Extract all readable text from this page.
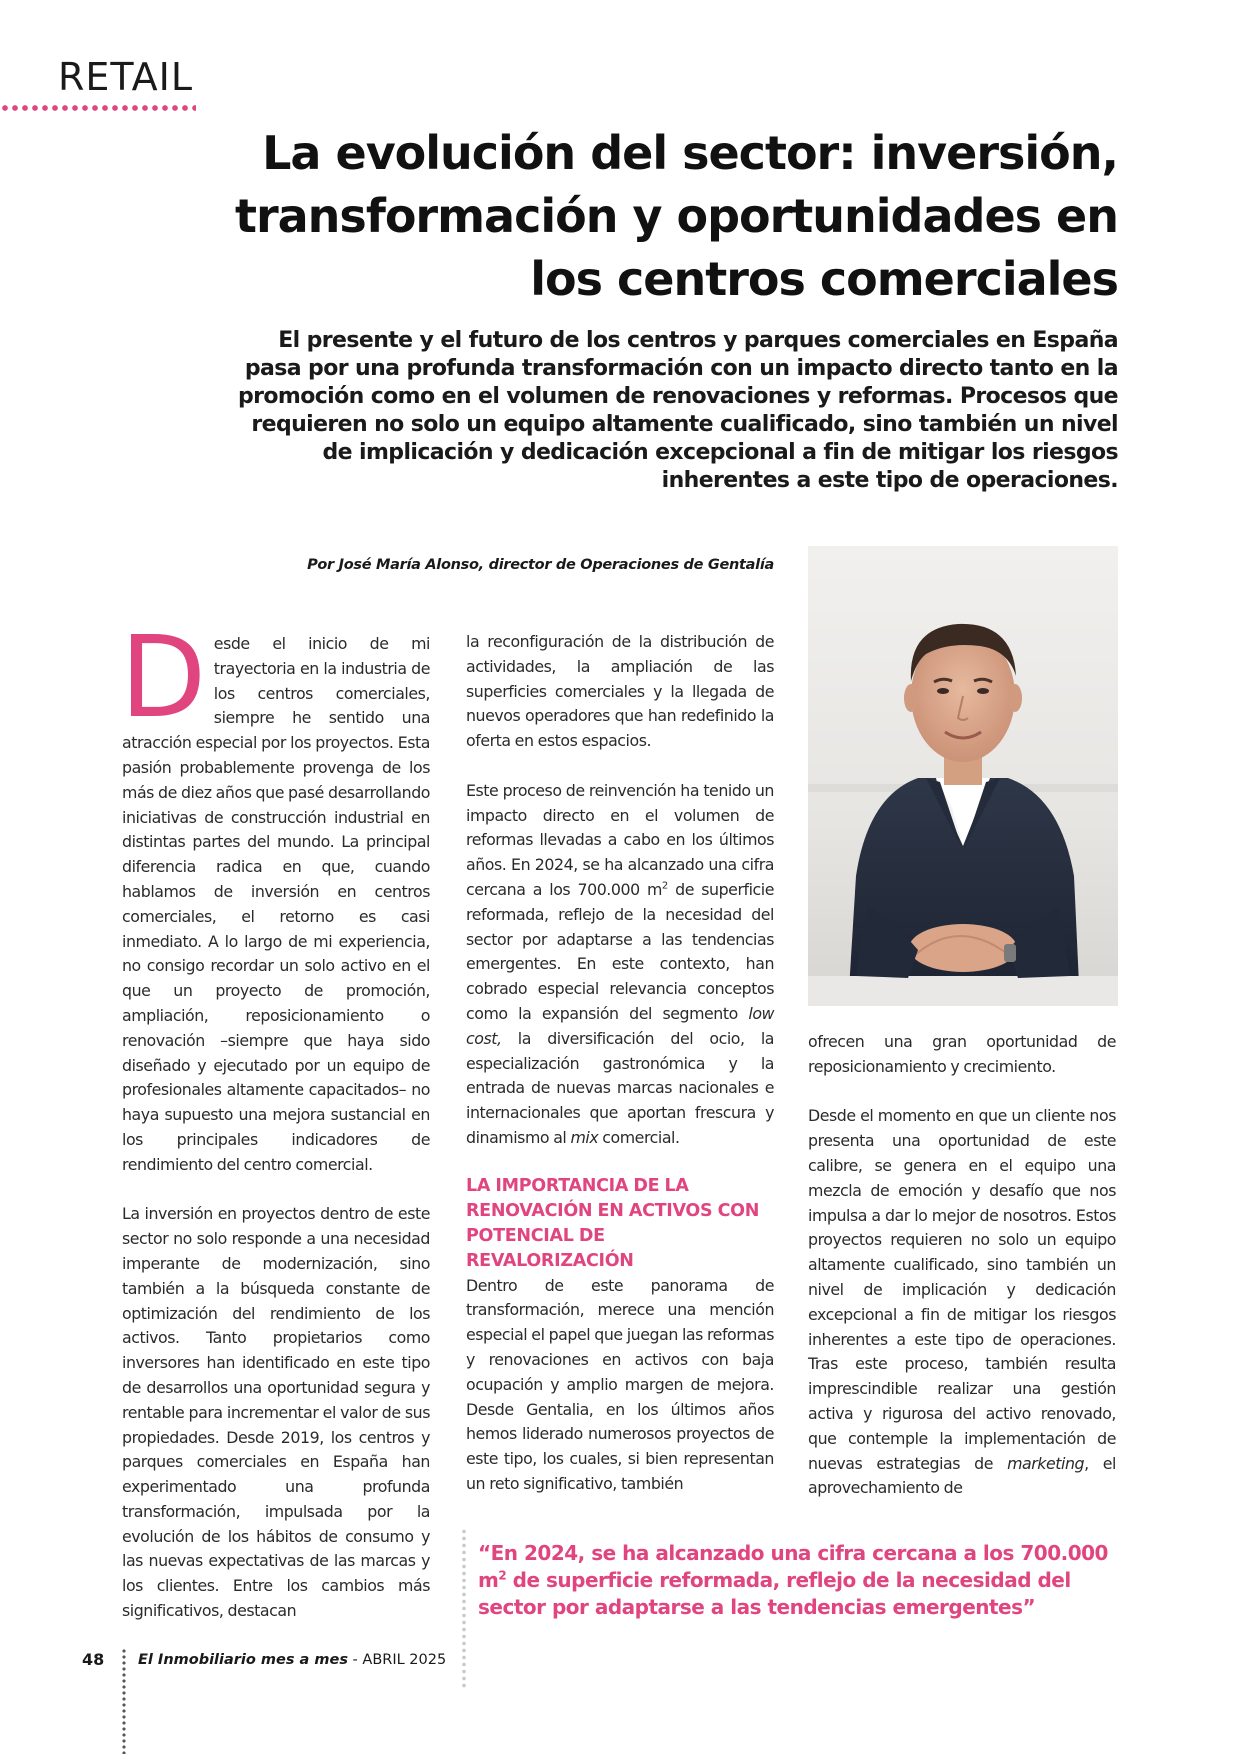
RETAIL
La evolución del sector: inversión, transformación y oportunidades en los centros comerciales

El presente y el futuro de los centros y parques comerciales en España pasa por una profunda transformación con un impacto directo tanto en la promoción como en el volumen de renovaciones y reformas. Procesos que requieren no solo un equipo altamente cualificado, sino también un nivel de implicación y dedicación excepcional a fin de mitigar los riesgos inherentes a este tipo de operaciones.

Por José María Alonso, director de Operaciones de Gentalía

Desde el inicio de mi trayectoria en la industria de los centros comerciales, siempre he sentido una atracción especial por los proyectos. Esta pasión probablemente provenga de los más de diez años que pasé desarrollando iniciativas de construcción industrial en distintas partes del mundo. La principal diferencia radica en que, cuando hablamos de inversión en centros comerciales, el retorno es casi inmediato. A lo largo de mi experiencia, no consigo recordar un solo activo en el que un proyecto de promoción, ampliación, reposicionamiento o renovación –siempre que haya sido diseñado y ejecutado por un equipo de profesionales altamente capacitados– no haya supuesto una mejora sustancial en los principales indicadores de rendimiento del centro comercial.

La inversión en proyectos dentro de este sector no solo responde a una necesidad imperante de modernización, sino también a la búsqueda constante de optimización del rendimiento de los activos. Tanto propietarios como inversores han identificado en este tipo de desarrollos una oportunidad segura y rentable para incrementar el valor de sus propiedades. Desde 2019, los centros y parques comerciales en España han experimentado una profunda transformación, impulsada por la evolución de los hábitos de consumo y las nuevas expectativas de las marcas y los clientes. Entre los cambios más significativos, destacan

la reconfiguración de la distribución de actividades, la ampliación de las superficies comerciales y la llegada de nuevos operadores que han redefinido la oferta en estos espacios.

Este proceso de reinvención ha tenido un impacto directo en el volumen de reformas llevadas a cabo en los últimos años. En 2024, se ha alcanzado una cifra cercana a los 700.000 $m^2$ de superficie reformada, reflejo de la necesidad del sector por adaptarse a las tendencias emergentes. En este contexto, han cobrado especial relevancia conceptos como la expansión del segmento low cost, la diversificación del ocio, la especialización gastronómica y la entrada de nuevas marcas nacionales e internacionales que aportan frescura y dinamismo al mix comercial.

LA IMPORTANCIA DE LA RENOVACIÓN EN ACTIVOS CON POTENCIAL DE REVALORIZACIÓN

Dentro de este panorama de transformación, merece una mención especial el papel que juegan las reformas y renovaciones en activos con baja ocupación y amplio margen de mejora. Desde Gentalia, en los últimos años hemos liderado numerosos proyectos de este tipo, los cuales, si bien representan un reto significativo, también

ofrecen una gran oportunidad de reposicionamiento y crecimiento.

Desde el momento en que un cliente nos presenta una oportunidad de este calibre, se genera en el equipo una mezcla de emoción y desafío que nos impulsa a dar lo mejor de nosotros. Estos proyectos requieren no solo un equipo altamente cualificado, sino también un nivel de implicación y dedicación excepcional a fin de mitigar los riesgos inherentes a este tipo de operaciones. Tras este proceso, también resulta imprescindible realizar una gestión activa y rigurosa del activo renovado, que contemple la implementación de nuevas estrategias de marketing, el aprovechamiento de

“En 2024, se ha alcanzado una cifra cercana a los 700.000 $m^2$ de superficie reformada, reflejo de la necesidad del sector por adaptarse a las tendencias emergentes”
48 El Inmobiliario mes a mes - ABRIL 2025
